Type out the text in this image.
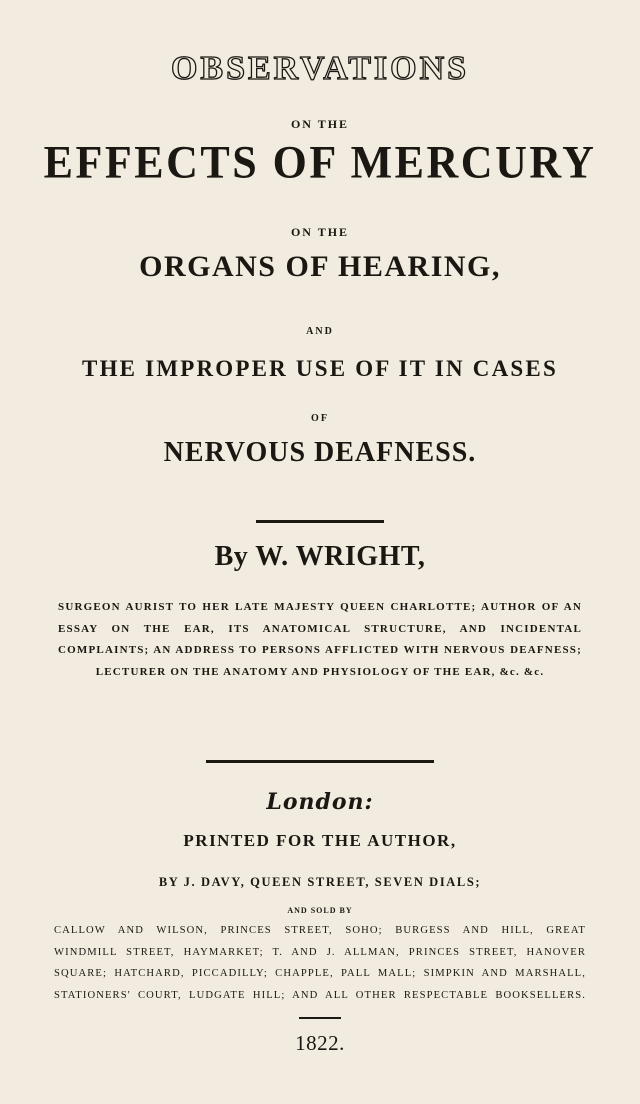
OBSERVATIONS
ON THE
EFFECTS OF MERCURY
ON THE
ORGANS OF HEARING,
AND
THE IMPROPER USE OF IT IN CASES
OF
NERVOUS DEAFNESS.
By W. WRIGHT,
SURGEON AURIST TO HER LATE MAJESTY QUEEN CHARLOTTE; AUTHOR OF AN ESSAY ON THE EAR, ITS ANATOMICAL STRUCTURE, AND INCIDENTAL COMPLAINTS; AN ADDRESS TO PERSONS AFFLICTED WITH NERVOUS DEAFNESS; LECTURER ON THE ANATOMY AND PHYSIOLOGY OF THE EAR, &c. &c.
London:
PRINTED FOR THE AUTHOR,
BY J. DAVY, QUEEN STREET, SEVEN DIALS;
AND SOLD BY
CALLOW AND WILSON, PRINCES STREET, SOHO; BURGESS AND HILL, GREAT
WINDMILL STREET, HAYMARKET; T. AND J. ALLMAN, PRINCES STREET, HANOVER
SQUARE; HATCHARD, PICCADILLY; CHAPPLE, PALL MALL; SIMPKIN AND MARSHALL,
STATIONERS' COURT, LUDGATE HILL; AND ALL OTHER RESPECTABLE BOOKSELLERS.
1822.
